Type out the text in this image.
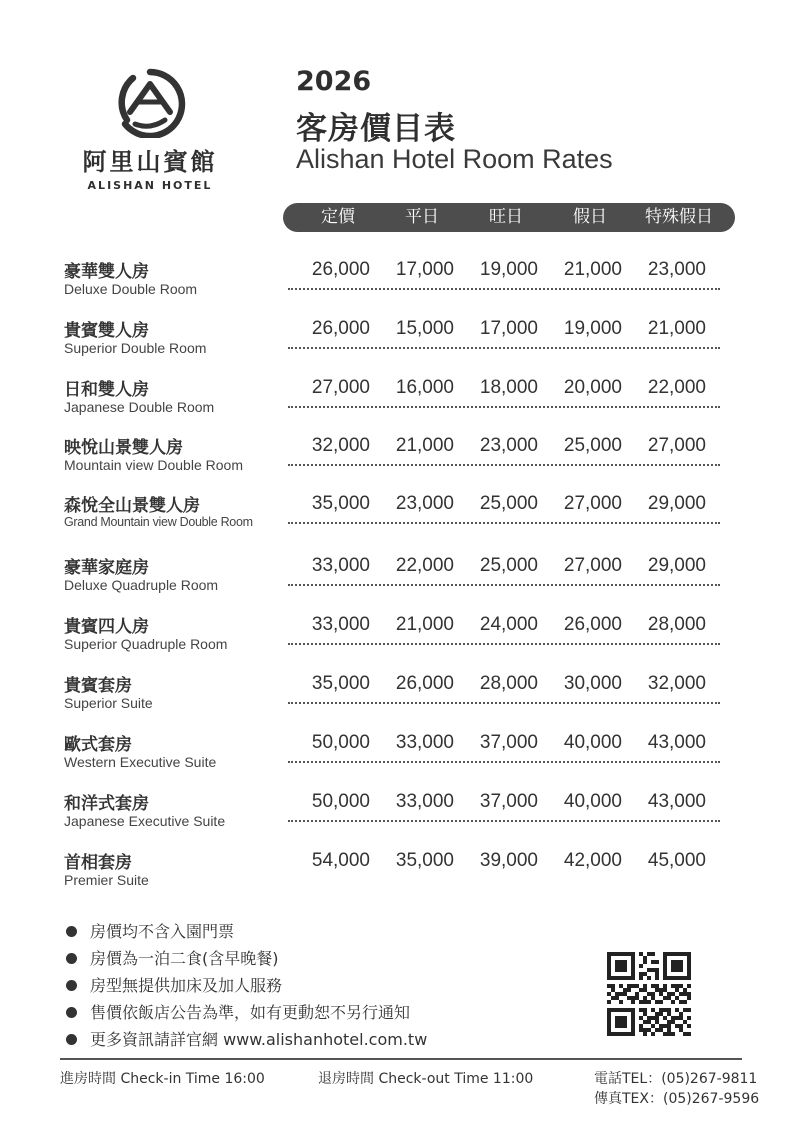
阿里山賓館
ALISHAN HOTEL
2026
客房價目表
Alishan Hotel Room Rates
定價	平日	旺日	假日	特殊假日
豪華雙人房
Deluxe Double Room
26,000	17,000	19,000	21,000	23,000
貴賓雙人房
Superior Double Room
26,000	15,000	17,000	19,000	21,000
日和雙人房
Japanese Double Room
27,000	16,000	18,000	20,000	22,000
映悅山景雙人房
Mountain view Double Room
32,000	21,000	23,000	25,000	27,000
森悅全山景雙人房
Grand Mountain view Double Room
35,000	23,000	25,000	27,000	29,000
豪華家庭房
Deluxe Quadruple Room
33,000	22,000	25,000	27,000	29,000
貴賓四人房
Superior Quadruple Room
33,000	21,000	24,000	26,000	28,000
貴賓套房
Superior Suite
35,000	26,000	28,000	30,000	32,000
歐式套房
Western Executive Suite
50,000	33,000	37,000	40,000	43,000
和洋式套房
Japanese Executive Suite
50,000	33,000	37,000	40,000	43,000
首相套房
Premier Suite
54,000	35,000	39,000	42,000	45,000
房價均不含入園門票
房價為一泊二食(含早晚餐)
房型無提供加床及加人服務
售價依飯店公告為準，如有更動恕不另行通知
更多資訊請詳官網 www.alishanhotel.com.tw
進房時間 Check-in Time 16:00	退房時間 Check-out Time 11:00	電話TEL：(05)267-9811
傳真TEX：(05)267-9596
